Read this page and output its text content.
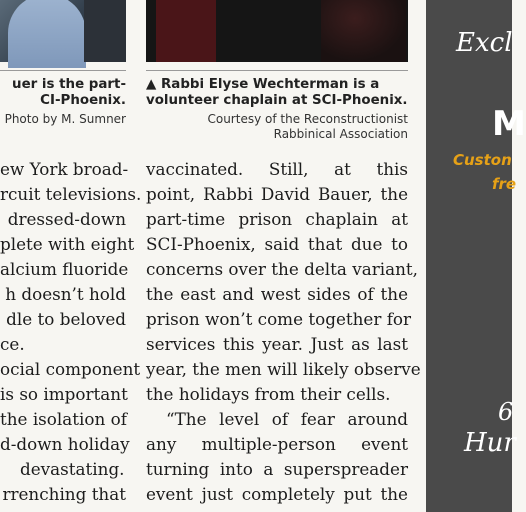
uer is the part-
CI-Phoenix.
Photo by M. Sumner
▲ Rabbi Elyse Wechterman is a
volunteer chaplain at SCI-Phoenix.
Courtesy of the Reconstructionist
Rabbinical Association
ew York broad-
rcuit televisions.
dressed-down
plete with eight
alcium fluoride
h doesn’t hold
dle to beloved
ce.
ocial component
is so important
the isolation of
d-down holiday
devastating.
rrenching that
vaccinated. Still, at this
point, Rabbi David Bauer, the
part-time prison chaplain at
SCI-Phoenix, said that due to
concerns over the delta variant,
the east and west sides of the
prison won’t come together for
services this year. Just as last
year, the men will likely observe
the holidays from their cells.
“The level of fear around
any multiple-person event
turning into a superspreader
event just completely put the
Excl
M
Custon
fre
6
Hur
